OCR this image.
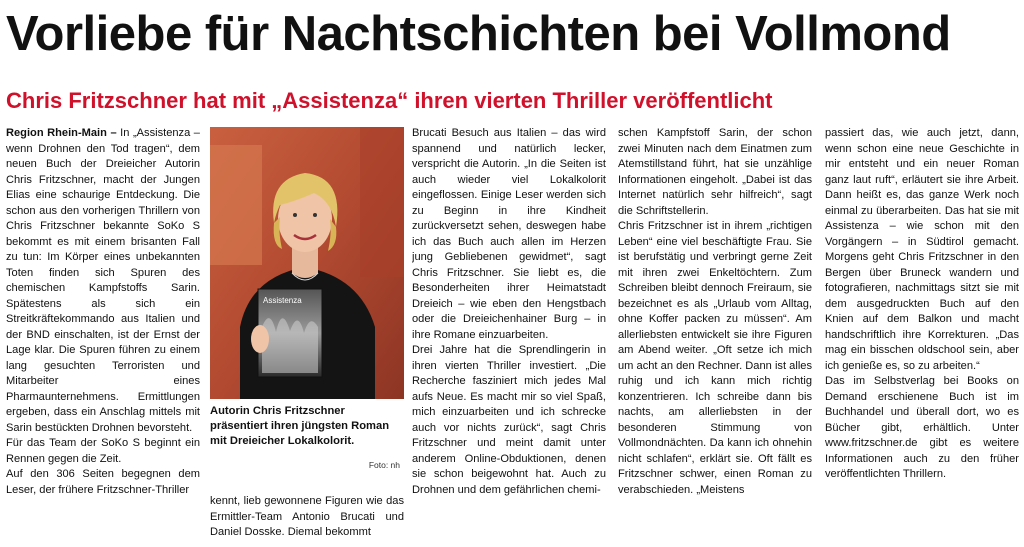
Vorliebe für Nachtschichten bei Vollmond
Chris Fritzschner hat mit „Assistenza“ ihren vierten Thriller veröffentlicht

Region Rhein-Main – In „Assistenza – wenn Drohnen den Tod tragen“, dem neuen Buch der Dreieicher Autorin Chris Fritzschner, macht der Jungen Elias eine schaurige Entdeckung. Die schon aus den vorherigen Thrillern von Chris Fritzschner bekannte SoKo S bekommt es mit einem brisanten Fall zu tun: Im Körper eines unbekannten Toten finden sich Spuren des chemischen Kampfstoffs Sarin. Spätestens als sich ein Streitkräftekommando aus Italien und der BND einschalten, ist der Ernst der Lage klar. Die Spuren führen zu einem lang gesuchten Terroristen und Mitarbeiter eines Pharmaunternehmens. Ermittlungen ergeben, dass ein Anschlag mittels mit Sarin bestückten Drohnen bevorsteht.

Für das Team der SoKo S beginnt ein Rennen gegen die Zeit.

Auf den 306 Seiten begegnen dem Leser, der frühere Fritzschner-Thriller

Assistenza
Autorin Chris Fritzschner präsentiert ihren jüngsten Roman mit Dreieicher Lokalkolorit.
Foto: nh

kennt, lieb gewonnene Figuren wie das Ermittler-Team Antonio Brucati und Daniel Dosske. Diemal bekommt

Brucati Besuch aus Italien – das wird spannend und natürlich lecker, verspricht die Autorin. „In die Seiten ist auch wieder viel Lokalkolorit eingeflossen. Einige Leser werden sich zu Beginn in ihre Kindheit zurückversetzt sehen, deswegen habe ich das Buch auch allen im Herzen jung Gebliebenen gewidmet“, sagt Chris Fritzschner. Sie liebt es, die Besonderheiten ihrer Heimatstadt Dreieich – wie eben den Hengstbach oder die Dreieichenhainer Burg – in ihre Romane einzuarbeiten.

Drei Jahre hat die Sprendlingerin in ihren vierten Thriller investiert. „Die Recherche fasziniert mich jedes Mal aufs Neue. Es macht mir so viel Spaß, mich einzuarbeiten und ich schrecke auch vor nichts zurück“, sagt Chris Fritzschner und meint damit unter anderem Online-Obduktionen, denen sie schon beigewohnt hat. Auch zu Drohnen und dem gefährlichen chemi-

schen Kampfstoff Sarin, der schon zwei Minuten nach dem Einatmen zum Atemstillstand führt, hat sie unzählige Informationen eingeholt. „Dabei ist das Internet natürlich sehr hilfreich“, sagt die Schriftstellerin.

Chris Fritzschner ist in ihrem „richtigen Leben“ eine viel beschäftigte Frau. Sie ist berufstätig und verbringt gerne Zeit mit ihren zwei Enkeltöchtern. Zum Schreiben bleibt dennoch Freiraum, sie bezeichnet es als „Urlaub vom Alltag, ohne Koffer packen zu müssen“. Am allerliebsten entwickelt sie ihre Figuren am Abend weiter. „Oft setze ich mich um acht an den Rechner. Dann ist alles ruhig und ich kann mich richtig konzentrieren. Ich schreibe dann bis nachts, am allerliebsten in der besonderen Stimmung von Vollmondnächten. Da kann ich ohnehin nicht schlafen“, erklärt sie. Oft fällt es Fritzschner schwer, einen Roman zu verabschieden. „Meistens

passiert das, wie auch jetzt, dann, wenn schon eine neue Geschichte in mir entsteht und ein neuer Roman ganz laut ruft“, erläutert sie ihre Arbeit. Dann heißt es, das ganze Werk noch einmal zu überarbeiten. Das hat sie mit Assistenza – wie schon mit den Vorgängern – in Südtirol gemacht. Morgens geht Chris Fritzschner in den Bergen über Bruneck wandern und fotografieren, nachmittags sitzt sie mit dem ausgedruckten Buch auf den Knien auf dem Balkon und macht handschriftlich ihre Korrekturen. „Das mag ein bisschen oldschool sein, aber ich genieße es, so zu arbeiten.“

Das im Selbstverlag bei Books on Demand erschienene Buch ist im Buchhandel und überall dort, wo es Bücher gibt, erhältlich. Unter www.fritzschner.de gibt es weitere Informationen auch zu den früher veröffentlichten Thrillern.
